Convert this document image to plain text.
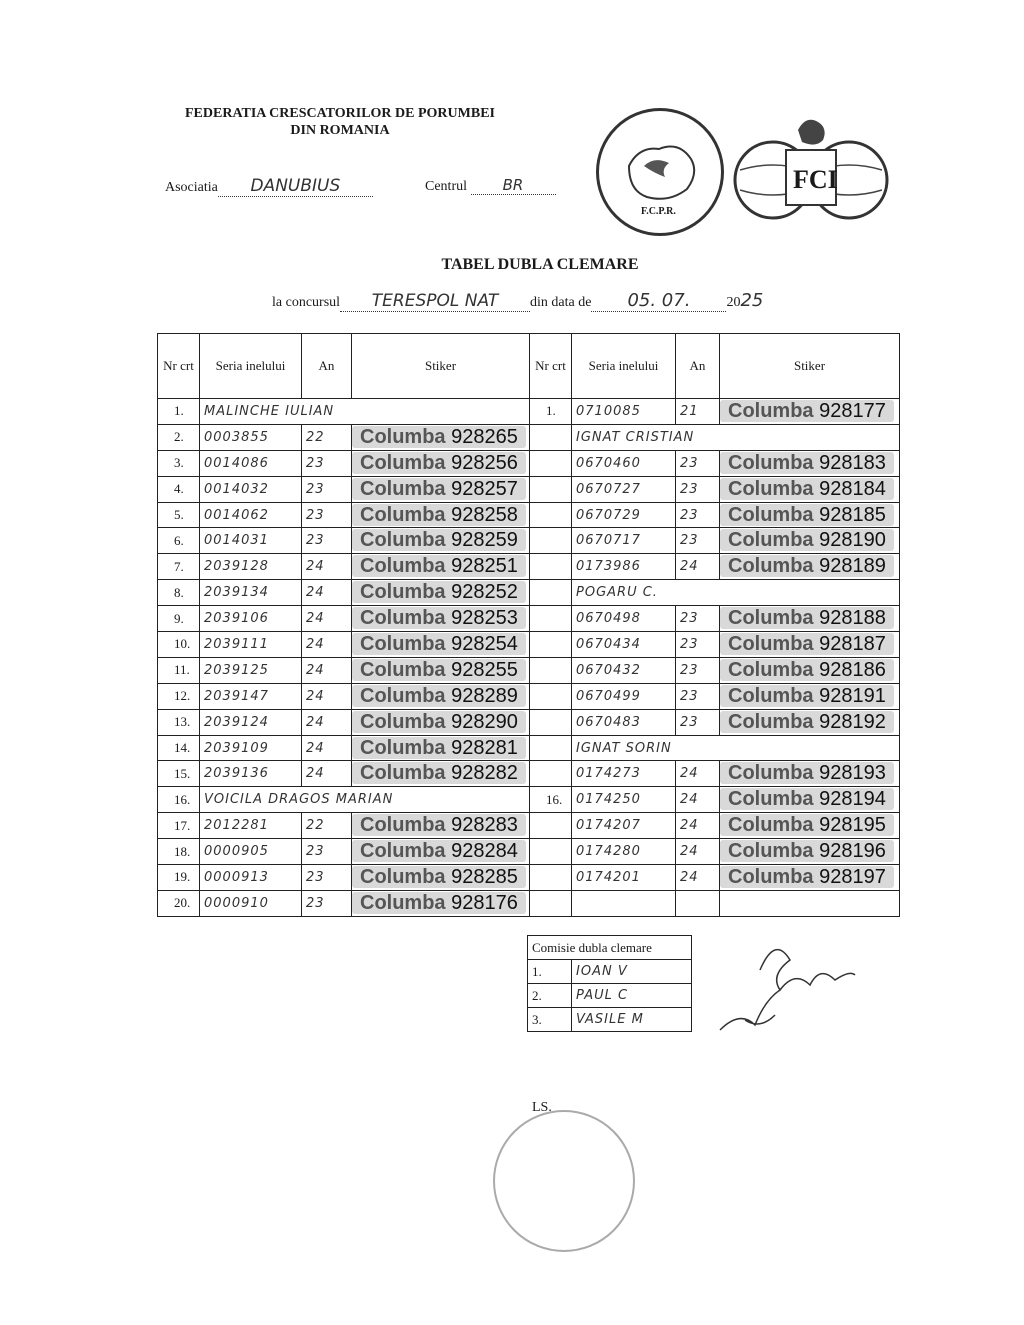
FEDERATIA CRESCATORILOR DE PORUMBEI
DIN ROMANIA
Asociatia DANUBIUS	Centrul BR
F.C.P.R.
FCI
TABEL DUBLA CLEMARE
la concursul TERESPOL NAT din data de 05. 07.	2025
Nr crt	Seria inelului	An	Stiker	Nr crt	Seria inelului	An	Stiker
1.	MALINCHE IULIAN			1.	0710085	21	Columba 928177

2.	0003855	22	Columba 928265		IGNAT CRISTIAN		
3.	0014086	23	Columba 928256		0670460	23	Columba 928183

4.	0014032	23	Columba 928257		0670727	23	Columba 928184

5.	0014062	23	Columba 928258		0670729	23	Columba 928185

6.	0014031	23	Columba 928259		0670717	23	Columba 928190

7.	2039128	24	Columba 928251		0173986	24	Columba 928189

8.	2039134	24	Columba 928252		POGARU C.		
9.	2039106	24	Columba 928253		0670498	23	Columba 928188

10.	2039111	24	Columba 928254		0670434	23	Columba 928187

11.	2039125	24	Columba 928255		0670432	23	Columba 928186

12.	2039147	24	Columba 928289		0670499	23	Columba 928191

13.	2039124	24	Columba 928290		0670483	23	Columba 928192

14.	2039109	24	Columba 928281		IGNAT SORIN		
15.	2039136	24	Columba 928282		0174273	24	Columba 928193

16.	VOICILA DRAGOS MARIAN			16.	0174250	24	Columba 928194

17.	2012281	22	Columba 928283		0174207	24	Columba 928195

18.	0000905	23	Columba 928284		0174280	24	Columba 928196

19.	0000913	23	Columba 928285		0174201	24	Columba 928197

20.	0000910	23	Columba 928176				

Comisie dubla clemare	
1.	IOAN V
2.	PAUL C
3.	VASILE M
LS.
